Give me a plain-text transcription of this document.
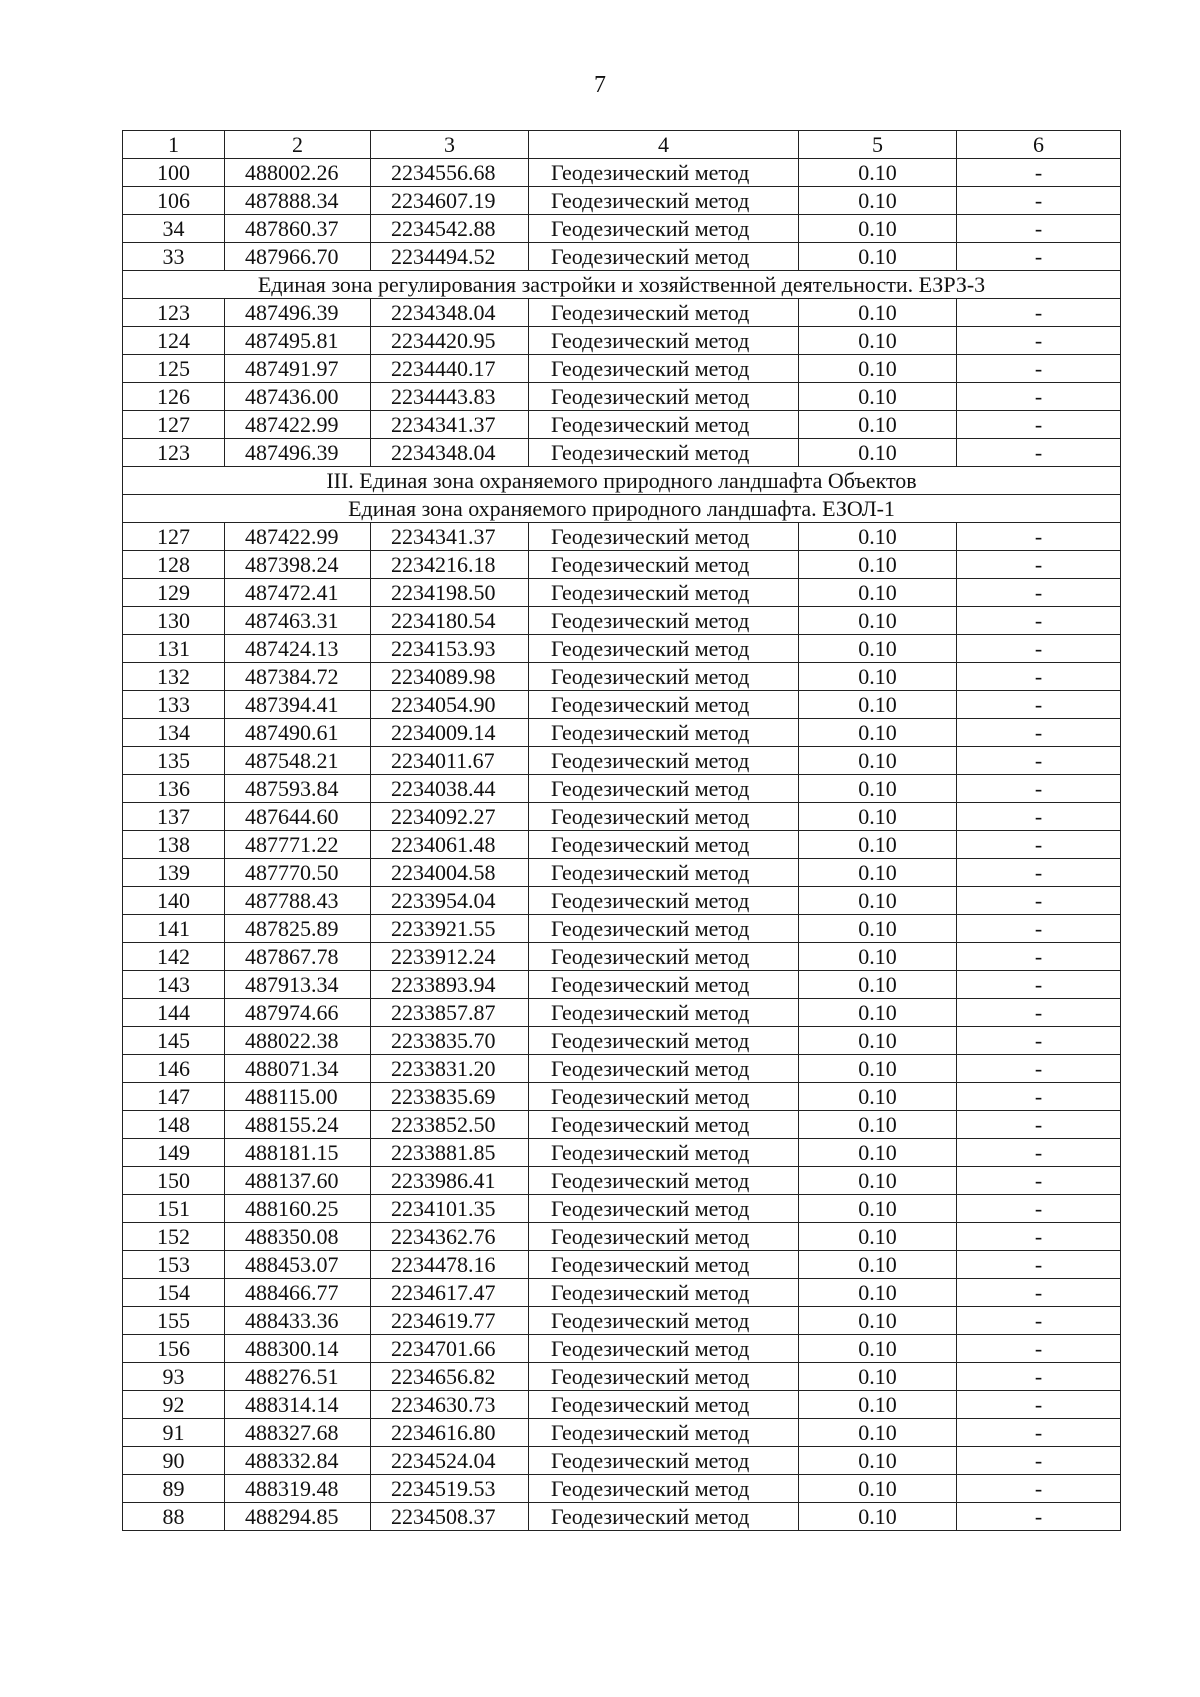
7
1	2	3	4	5	6
100	488002.26	2234556.68	Геодезический метод	0.10	-
106	487888.34	2234607.19	Геодезический метод	0.10	-
34	487860.37	2234542.88	Геодезический метод	0.10	-
33	487966.70	2234494.52	Геодезический метод	0.10	-
Единая зона регулирования застройки и хозяйственной деятельности. ЕЗРЗ-3					
123	487496.39	2234348.04	Геодезический метод	0.10	-
124	487495.81	2234420.95	Геодезический метод	0.10	-
125	487491.97	2234440.17	Геодезический метод	0.10	-
126	487436.00	2234443.83	Геодезический метод	0.10	-
127	487422.99	2234341.37	Геодезический метод	0.10	-
123	487496.39	2234348.04	Геодезический метод	0.10	-
III. Единая зона охраняемого природного ландшафта Объектов					
Единая зона охраняемого природного ландшафта. ЕЗОЛ-1					
127	487422.99	2234341.37	Геодезический метод	0.10	-
128	487398.24	2234216.18	Геодезический метод	0.10	-
129	487472.41	2234198.50	Геодезический метод	0.10	-
130	487463.31	2234180.54	Геодезический метод	0.10	-
131	487424.13	2234153.93	Геодезический метод	0.10	-
132	487384.72	2234089.98	Геодезический метод	0.10	-
133	487394.41	2234054.90	Геодезический метод	0.10	-
134	487490.61	2234009.14	Геодезический метод	0.10	-
135	487548.21	2234011.67	Геодезический метод	0.10	-
136	487593.84	2234038.44	Геодезический метод	0.10	-
137	487644.60	2234092.27	Геодезический метод	0.10	-
138	487771.22	2234061.48	Геодезический метод	0.10	-
139	487770.50	2234004.58	Геодезический метод	0.10	-
140	487788.43	2233954.04	Геодезический метод	0.10	-
141	487825.89	2233921.55	Геодезический метод	0.10	-
142	487867.78	2233912.24	Геодезический метод	0.10	-
143	487913.34	2233893.94	Геодезический метод	0.10	-
144	487974.66	2233857.87	Геодезический метод	0.10	-
145	488022.38	2233835.70	Геодезический метод	0.10	-
146	488071.34	2233831.20	Геодезический метод	0.10	-
147	488115.00	2233835.69	Геодезический метод	0.10	-
148	488155.24	2233852.50	Геодезический метод	0.10	-
149	488181.15	2233881.85	Геодезический метод	0.10	-
150	488137.60	2233986.41	Геодезический метод	0.10	-
151	488160.25	2234101.35	Геодезический метод	0.10	-
152	488350.08	2234362.76	Геодезический метод	0.10	-
153	488453.07	2234478.16	Геодезический метод	0.10	-
154	488466.77	2234617.47	Геодезический метод	0.10	-
155	488433.36	2234619.77	Геодезический метод	0.10	-
156	488300.14	2234701.66	Геодезический метод	0.10	-
93	488276.51	2234656.82	Геодезический метод	0.10	-
92	488314.14	2234630.73	Геодезический метод	0.10	-
91	488327.68	2234616.80	Геодезический метод	0.10	-
90	488332.84	2234524.04	Геодезический метод	0.10	-
89	488319.48	2234519.53	Геодезический метод	0.10	-
88	488294.85	2234508.37	Геодезический метод	0.10	-
